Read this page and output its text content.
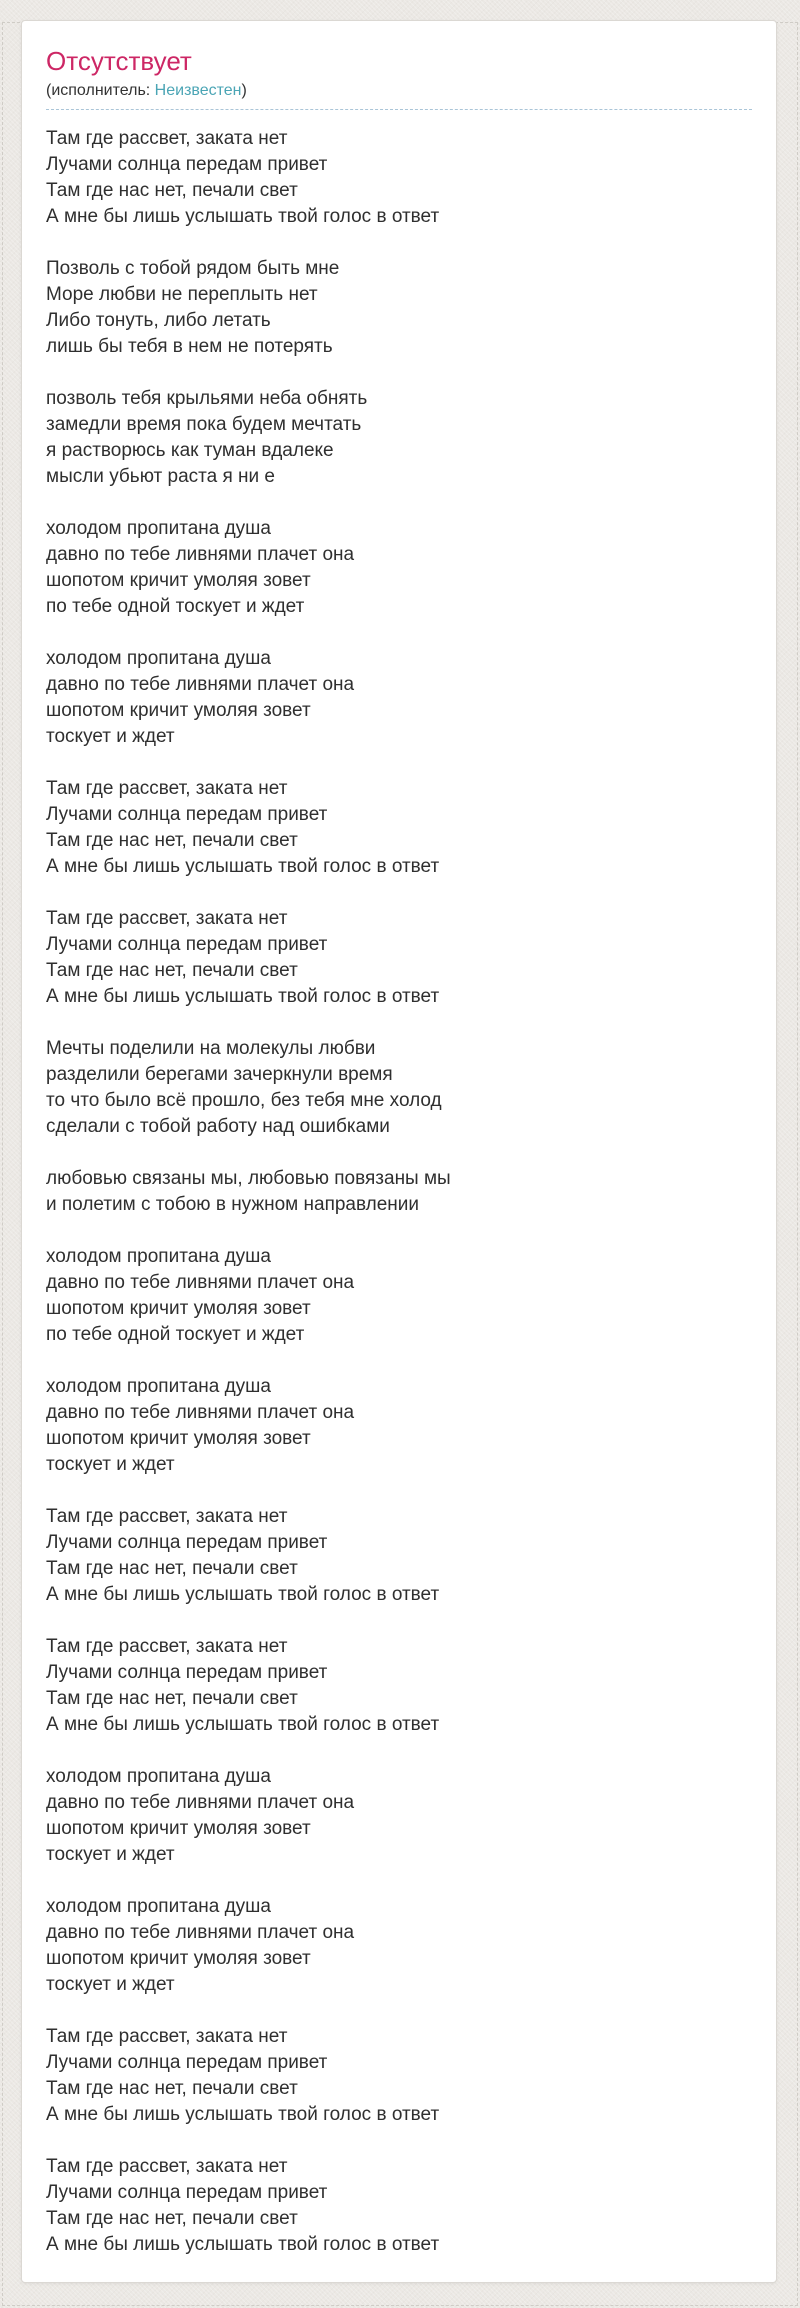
Отсутствует
(исполнитель: Неизвестен)

Там где рассвет, заката нет
Лучами солнца передам привет
Там где нас нет, печали свет
А мне бы лишь услышать твой голос в ответ

Позволь с тобой рядом быть мне
Море любви не переплыть нет
Либо тонуть, либо летать
лишь бы тебя в нем не потерять

позволь тебя крыльями неба обнять
замедли время пока будем мечтать
я растворюсь как туман вдалеке
мысли убьют раста я ни е

холодом пропитана душа
давно по тебе ливнями плачет она
шопотом кричит умоляя зовет
по тебе одной тоскует и ждет

холодом пропитана душа
давно по тебе ливнями плачет она
шопотом кричит умоляя зовет
тоскует и ждет

Там где рассвет, заката нет
Лучами солнца передам привет
Там где нас нет, печали свет
А мне бы лишь услышать твой голос в ответ

Там где рассвет, заката нет
Лучами солнца передам привет
Там где нас нет, печали свет
А мне бы лишь услышать твой голос в ответ

Мечты поделили на молекулы любви
разделили берегами зачеркнули время
то что было всё прошло, без тебя мне холод
сделали с тобой работу над ошибками

любовью связаны мы, любовью повязаны мы
и полетим с тобою в нужном направлении

холодом пропитана душа
давно по тебе ливнями плачет она
шопотом кричит умоляя зовет
по тебе одной тоскует и ждет

холодом пропитана душа
давно по тебе ливнями плачет она
шопотом кричит умоляя зовет
тоскует и ждет

Там где рассвет, заката нет
Лучами солнца передам привет
Там где нас нет, печали свет
А мне бы лишь услышать твой голос в ответ

Там где рассвет, заката нет
Лучами солнца передам привет
Там где нас нет, печали свет
А мне бы лишь услышать твой голос в ответ

холодом пропитана душа
давно по тебе ливнями плачет она
шопотом кричит умоляя зовет
тоскует и ждет

холодом пропитана душа
давно по тебе ливнями плачет она
шопотом кричит умоляя зовет
тоскует и ждет

Там где рассвет, заката нет
Лучами солнца передам привет
Там где нас нет, печали свет
А мне бы лишь услышать твой голос в ответ

Там где рассвет, заката нет
Лучами солнца передам привет
Там где нас нет, печали свет
А мне бы лишь услышать твой голос в ответ
